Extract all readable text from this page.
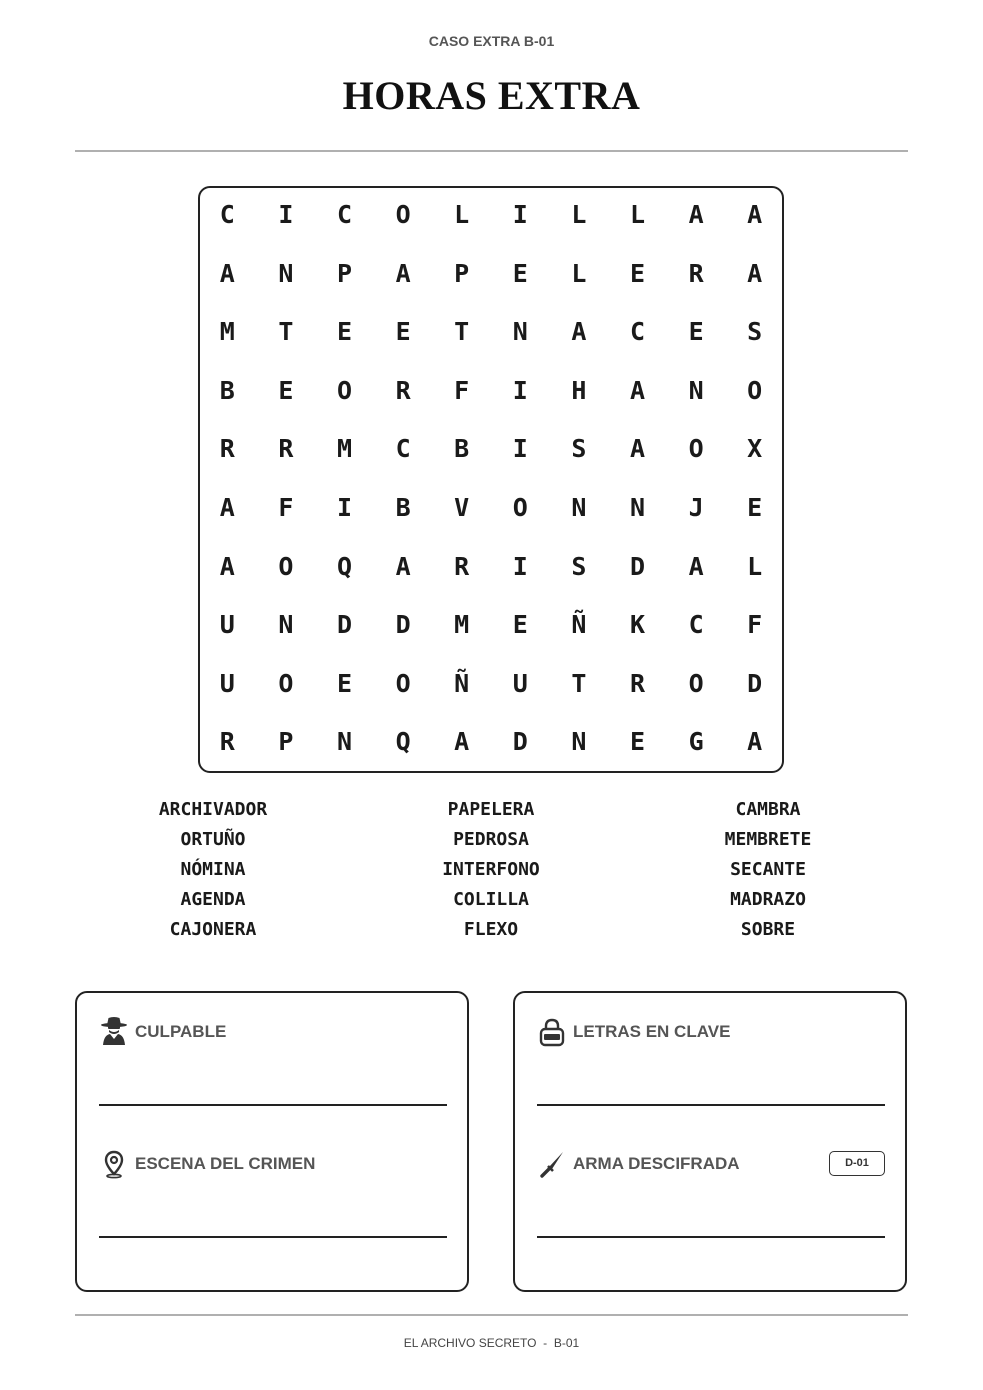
CASO EXTRA B-01
HORAS EXTRA
C	I	C	O	L	I	L	L	A	A
A	N	P	A	P	E	L	E	R	A
M	T	E	E	T	N	A	C	E	S
B	E	O	R	F	I	H	A	N	O
R	R	M	C	B	I	S	A	O	X
A	F	I	B	V	O	N	N	J	E
A	O	Q	A	R	I	S	D	A	L
U	N	D	D	M	E	Ñ	K	C	F
U	O	E	O	Ñ	U	T	R	O	D
R	P	N	Q	A	D	N	E	G	A
ARCHIVADOR
ORTUÑO
NÓMINA
AGENDA
CAJONERA
PAPELERA
PEDROSA
INTERFONO
COLILLA
FLEXO
CAMBRA
MEMBRETE
SECANTE
MADRAZO
SOBRE
CULPABLE
ESCENA DEL CRIMEN
LETRAS EN CLAVE
ARMA DESCIFRADA	D-01
EL ARCHIVO SECRETO  -  B-01
